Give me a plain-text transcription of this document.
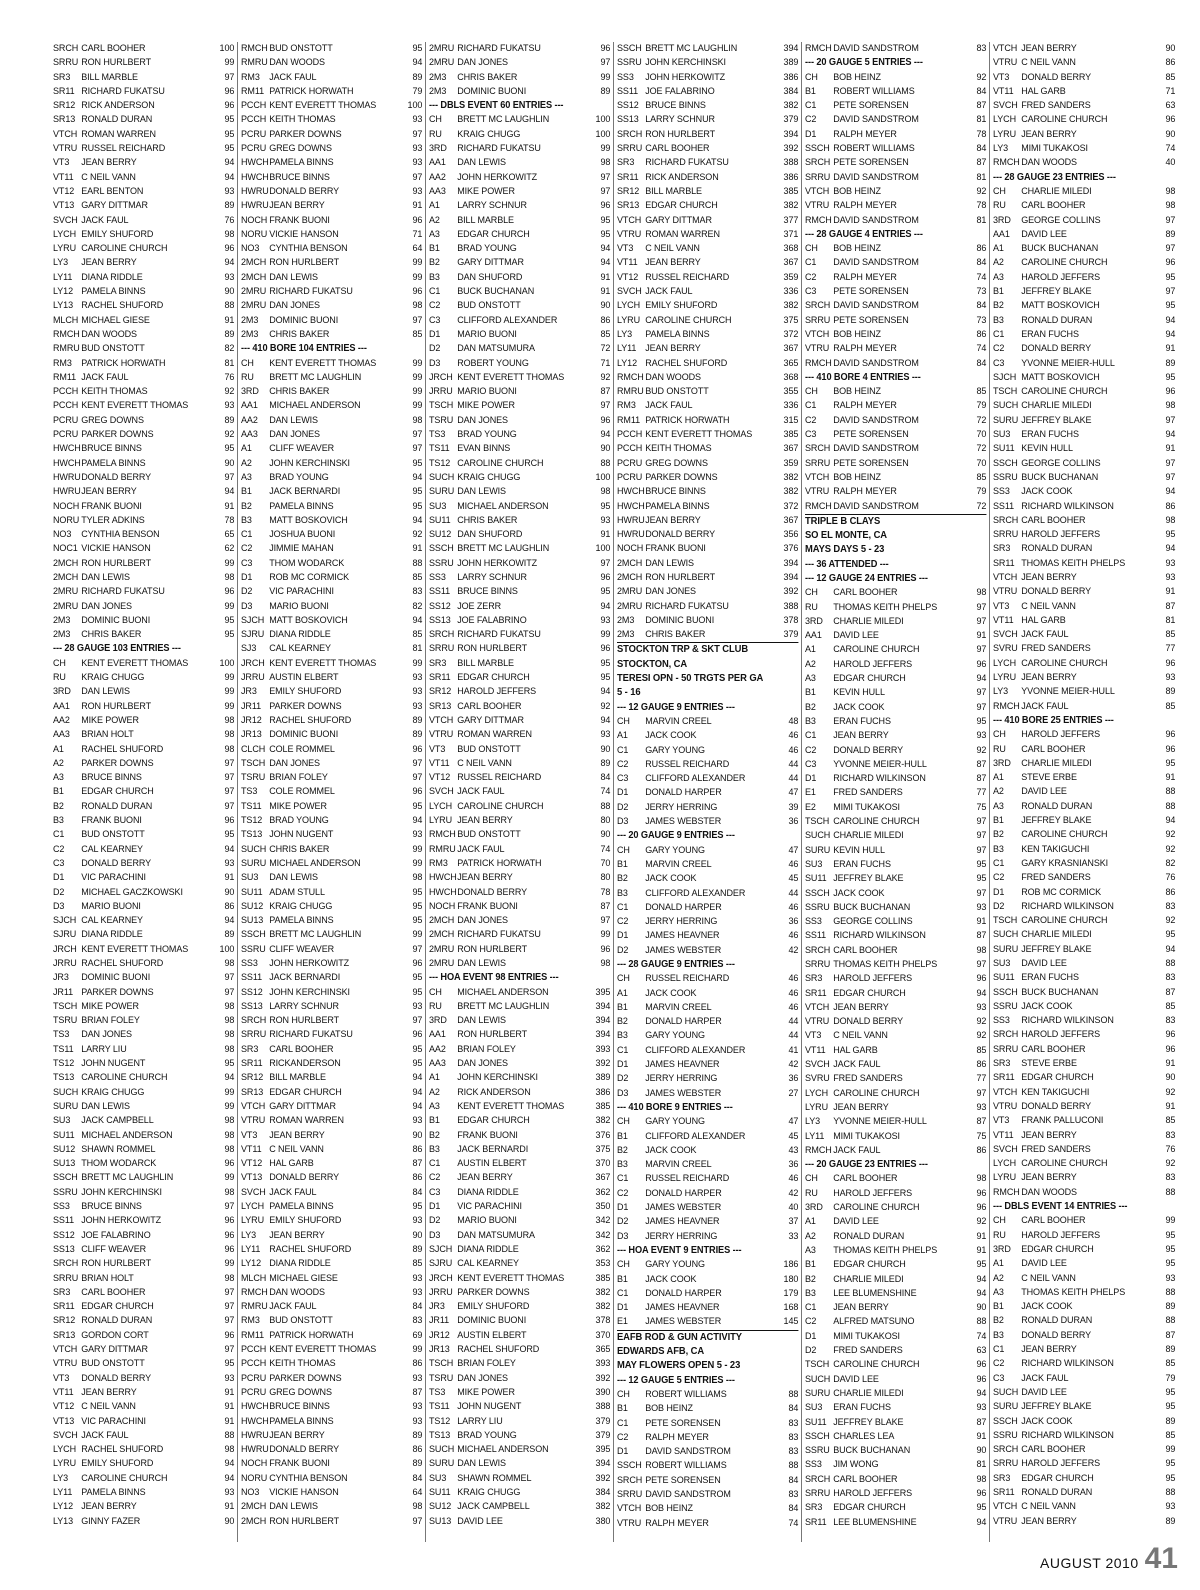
SRCH CARL BOOHER	100
SRRU RON HURLBERT	99
SR3	BILL MARBLE	97
SR11 RICHARD FUKATSU	96
SR12 RICK ANDERSON	96
SR13 RONALD DURAN	95
VTCH ROMAN WARREN	95
VTRU RUSSEL REICHARD	95
VT3	JEAN BERRY	94
VT11 C NEIL VANN	94
VT12 EARL BENTON	93
VT13 GARY DITTMAR	89
SVCH JACK FAUL	76
LYCH EMILY SHUFORD	98
LYRU CAROLINE CHURCH	96
LY3	JEAN BERRY	94
LY11 DIANA RIDDLE	93
LY12 PAMELA BINNS	90
LY13 RACHEL SHUFORD	88
MLCH MICHAEL GIESE	91
RMCH DAN WOODS	89
RMRU BUD ONSTOTT	82
RM3 PATRICK HORWATH	81
RM11 JACK FAUL	76
PCCH KEITH THOMAS	92
PCCH KENT EVERETT THOMAS	93
PCRU GREG DOWNS	89
PCRU PARKER DOWNS	92
HWCH BRUCE BINNS	95
HWCH PAMELA BINNS	90
HWRU DONALD BERRY	97
HWRU JEAN BERRY	94
NOCH FRANK BUONI	91
NORU TYLER ADKINS	78
NO3	CYNTHIA BENSON	65
NOC1 VICKIE HANSON	62
2MCH RON HURLBERT	99
2MCH DAN LEWIS	98
2MRU RICHARD FUKATSU	96
2MRU DAN JONES	99
2M3	DOMINIC BUONI	95
2M3	CHRIS BAKER	95
--- 28 GAUGE 103 ENTRIES ---
CH	KENT EVERETT THOMAS	100
RU	KRAIG CHUGG	99
3RD	DAN LEWIS	99
AA1	RON HURLBERT	99
AA2	MIKE POWER	98
AA3	BRIAN HOLT	98
A1	RACHEL SHUFORD	98
A2	PARKER DOWNS	97
A3	BRUCE BINNS	97
B1	EDGAR CHURCH	97
B2	RONALD DURAN	97
B3	FRANK BUONI	96
C1	BUD ONSTOTT	95
C2	CAL KEARNEY	94
C3	DONALD BERRY	93
D1	VIC PARACHINI	91
D2	MICHAEL GACZKOWSKI	90
D3	MARIO BUONI	86
SJCH CAL KEARNEY	94
SJRU DIANA RIDDLE	89
JRCH KENT EVERETT THOMAS	100
JRRU RACHEL SHUFORD	98
JR3	DOMINIC BUONI	97
JR11 PARKER DOWNS	97
TSCH MIKE POWER	98
TSRU BRIAN FOLEY	98
TS3	DAN JONES	98
TS11 LARRY LIU	98
TS12 JOHN NUGENT	95
TS13 CAROLINE CHURCH	94
SUCH KRAIG CHUGG	99
SURU DAN LEWIS	99
SU3	JACK CAMPBELL	98
SU11 MICHAEL ANDERSON	98
SU12 SHAWN ROMMEL	98
SU13 THOM WODARCK	96
SSCH BRETT MC LAUGHLIN	99
SSRU JOHN KERCHINSKI	98
SS3	BRUCE BINNS	97
SS11 JOHN HERKOWITZ	96
SS12 JOE FALABRINO	96
SS13 CLIFF WEAVER	96
SRCH RON HURLBERT	99
SRRU BRIAN HOLT	98
SR3	CARL BOOHER	97
SR11 EDGAR CHURCH	97
SR12 RONALD DURAN	97
SR13 GORDON CORT	96
VTCH GARY DITTMAR	97
VTRU BUD ONSTOTT	95
VT3	DONALD BERRY	93
VT11 JEAN BERRY	91
VT12 C NEIL VANN	91
VT13 VIC PARACHINI	91
SVCH JACK FAUL	88
LYCH RACHEL SHUFORD	98
LYRU EMILY SHUFORD	94
LY3	CAROLINE CHURCH	94
LY11 PAMELA BINNS	93
LY12 JEAN BERRY	91
LY13 GINNY FAZER	90
RMCH BUD ONSTOTT	95
RMRU DAN WOODS	94
RM3 JACK FAUL	89
RM11 PATRICK HORWATH	79
PCCH KENT EVERETT THOMAS	100
PCCH KEITH THOMAS	93
PCRU PARKER DOWNS	97
PCRU GREG DOWNS	93
HWCH PAMELA BINNS	93
HWCH BRUCE BINNS	97
HWRU DONALD BERRY	93
HWRU JEAN BERRY	91
NOCH FRANK BUONI	96
NORU VICKIE HANSON	71
NO3	CYNTHIA BENSON	64
2MCH RON HURLBERT	99
2MCH DAN LEWIS	99
2MRU RICHARD FUKATSU	96
2MRU DAN JONES	98
2M3	DOMINIC BUONI	97
2M3	CHRIS BAKER	85
--- 410 BORE 104 ENTRIES ---
CH	KENT EVERETT THOMAS	99
RU	BRETT MC LAUGHLIN	99
3RD	CHRIS BAKER	99
AA1	MICHAEL ANDERSON	99
AA2	DAN LEWIS	98
AA3	DAN JONES	97
A1	CLIFF WEAVER	97
A2	JOHN KERCHINSKI	95
A3	BRAD YOUNG	94
B1	JACK BERNARDI	95
B2	PAMELA BINNS	95
B3	MATT BOSKOVICH	94
C1	JOSHUA BUONI	92
C2	JIMMIE MAHAN	91
C3	THOM WODARCK	88
D1	ROB MC CORMICK	85
D2	VIC PARACHINI	83
D3	MARIO BUONI	82
SJCH MATT BOSKOVICH	94
SJRU DIANA RIDDLE	85
SJ3	CAL KEARNEY	81
JRCH KENT EVERETT THOMAS	99
JRRU AUSTIN ELBERT	93
JR3	EMILY SHUFORD	93
JR11 PARKER DOWNS	93
JR12 RACHEL SHUFORD	89
JR13 DOMINIC BUONI	89
CLCH COLE ROMMEL	96
TSCH DAN JONES	97
TSRU BRIAN FOLEY	97
TS3	COLE ROMMEL	96
TS11 MIKE POWER	95
TS12 BRAD YOUNG	94
TS13 JOHN NUGENT	93
SUCH CHRIS BAKER	99
SURU MICHAEL ANDERSON	99
SU3	DAN LEWIS	98
SU11 ADAM STULL	95
SU12 KRAIG CHUGG	95
SU13 PAMELA BINNS	95
SSCH BRETT MC LAUGHLIN	99
SSRU CLIFF WEAVER	97
SS3	JOHN HERKOWITZ	96
SS11 JACK BERNARDI	95
SS12 JOHN KERCHINSKI	95
SS13 LARRY SCHNUR	93
SRCH RON HURLBERT	97
SRRU RICHARD FUKATSU	96
SR3	CARL BOOHER	95
SR11 RICKANDERSON	95
SR12 BILL MARBLE	94
SR13 EDGAR CHURCH	94
VTCH GARY DITTMAR	94
VTRU ROMAN WARREN	93
VT3	JEAN BERRY	90
VT11 C NEIL VANN	86
VT12 HAL GARB	87
VT13 DONALD BERRY	86
SVCH JACK FAUL	84
LYCH PAMELA BINNS	95
LYRU EMILY SHUFORD	93
LY3	JEAN BERRY	90
LY11 RACHEL SHUFORD	89
LY12 DIANA RIDDLE	85
MLCH MICHAEL GIESE	93
RMCH DAN WOODS	93
RMRU JACK FAUL	84
RM3 BUD ONSTOTT	83
RM11 PATRICK HORWATH	69
PCCH KENT EVERETT THOMAS	99
PCCH KEITH THOMAS	86
PCRU PARKER DOWNS	93
PCRU GREG DOWNS	87
HWCH BRUCE BINNS	93
HWCH PAMELA BINNS	93
HWRU JEAN BERRY	89
HWRU DONALD BERRY	86
NOCH FRANK BUONI	89
NORU CYNTHIA BENSON	84
NO3	VICKIE HANSON	64
2MCH DAN LEWIS	98
2MCH RON HURLBERT	97
2MRU RICHARD FUKATSU	96
2MRU DAN JONES	97
2M3	CHRIS BAKER	99
2M3	DOMINIC BUONI	89
--- DBLS EVENT 60 ENTRIES ---
CH	BRETT MC LAUGHLIN	100
RU	KRAIG CHUGG	100
3RD	RICHARD FUKATSU	99
AA1	DAN LEWIS	98
AA2	JOHN HERKOWITZ	97
AA3	MIKE POWER	97
A1	LARRY SCHNUR	96
A2	BILL MARBLE	95
A3	EDGAR CHURCH	95
B1	BRAD YOUNG	94
B2	GARY DITTMAR	94
B3	DAN SHUFORD	91
C1	BUCK BUCHANAN	91
C2	BUD ONSTOTT	90
C3	CLIFFORD ALEXANDER	86
D1	MARIO BUONI	85
D2	DAN MATSUMURA	72
D3	ROBERT YOUNG	71
JRCH KENT EVERETT THOMAS	92
JRRU MARIO BUONI	87
TSCH MIKE POWER	97
TSRU DAN JONES	96
TS3	BRAD YOUNG	94
TS11 EVAN BINNS	90
TS12 CAROLINE CHURCH	88
SUCH KRAIG CHUGG	100
SURU DAN LEWIS	98
SU3	MICHAEL ANDERSON	95
SU11 CHRIS BAKER	93
SU12 DAN SHUFORD	91
SSCH BRETT MC LAUGHLIN	100
SSRU JOHN HERKOWITZ	97
SS3	LARRY SCHNUR	96
SS11 BRUCE BINNS	95
SS12 JOE ZERR	94
SS13 JOE FALABRINO	93
SRCH RICHARD FUKATSU	99
SRRU RON HURLBERT	96
SR3	BILL MARBLE	95
SR11 EDGAR CHURCH	95
SR12 HAROLD JEFFERS	94
SR13 CARL BOOHER	92
VTCH GARY DITTMAR	94
VTRU ROMAN WARREN	93
VT3	BUD ONSTOTT	90
VT11 C NEIL VANN	89
VT12 RUSSEL REICHARD	84
SVCH JACK FAUL	74
LYCH CAROLINE CHURCH	88
LYRU JEAN BERRY	80
RMCH BUD ONSTOTT	90
RMRU JACK FAUL	74
RM3 PATRICK HORWATH	70
HWCH JEAN BERRY	80
HWCH DONALD BERRY	78
NOCH FRANK BUONI	87
2MCH DAN JONES	97
2MCH RICHARD FUKATSU	99
2MRU RON HURLBERT	96
2MRU DAN LEWIS	98
--- HOA EVENT 98 ENTRIES ---
CH	MICHAEL ANDERSON	395
RU	BRETT MC LAUGHLIN	394
3RD	DAN LEWIS	394
AA1	RON HURLBERT	394
AA2	BRIAN FOLEY	393
AA3	DAN JONES	392
A1	JOHN KERCHINSKI	389
A2	RICK ANDERSON	386
A3	KENT EVERETT THOMAS	385
B1	EDGAR CHURCH	382
B2	FRANK BUONI	376
B3	JACK BERNARDI	375
C1	AUSTIN ELBERT	370
C2	JEAN BERRY	367
C3	DIANA RIDDLE	362
D1	VIC PARACHINI	350
D2	MARIO BUONI	342
D3	DAN MATSUMURA	342
SJCH DIANA RIDDLE	362
SJRU CAL KEARNEY	353
JRCH KENT EVERETT THOMAS	385
JRRU PARKER DOWNS	382
JR3	EMILY SHUFORD	382
JR11 DOMINIC BUONI	378
JR12 AUSTIN ELBERT	370
JR13 RACHEL SHUFORD	365
TSCH BRIAN FOLEY	393
TSRU DAN JONES	392
TS3	MIKE POWER	390
TS11 JOHN NUGENT	388
TS12 LARRY LIU	379
TS13 BRAD YOUNG	379
SUCH MICHAEL ANDERSON	395
SURU DAN LEWIS	394
SU3	SHAWN ROMMEL	392
SU11 KRAIG CHUGG	384
SU12 JACK CAMPBELL	382
SU13 DAVID LEE	380
SSCH BRETT MC LAUGHLIN	394
SSRU JOHN KERCHINSKI	389
SS3	JOHN HERKOWITZ	386
SS11 JOE FALABRINO	384
SS12 BRUCE BINNS	382
SS13 LARRY SCHNUR	379
SRCH RON HURLBERT	394
SRRU CARL BOOHER	392
SR3	RICHARD FUKATSU	388
SR11 RICK ANDERSON	386
SR12 BILL MARBLE	385
SR13 EDGAR CHURCH	382
VTCH GARY DITTMAR	377
VTRU ROMAN WARREN	371
VT3	C NEIL VANN	368
VT11 JEAN BERRY	367
VT12 RUSSEL REICHARD	359
SVCH JACK FAUL	336
LYCH EMILY SHUFORD	382
LYRU CAROLINE CHURCH	375
LY3	PAMELA BINNS	372
LY11 JEAN BERRY	367
LY12 RACHEL SHUFORD	365
RMCH DAN WOODS	368
RMRU BUD ONSTOTT	355
RM3 JACK FAUL	336
RM11 PATRICK HORWATH	315
PCCH KENT EVERETT THOMAS	385
PCCH KEITH THOMAS	367
PCRU GREG DOWNS	359
PCRU PARKER DOWNS	382
HWCH BRUCE BINNS	382
HWCH PAMELA BINNS	372
HWRU JEAN BERRY	367
HWRU DONALD BERRY	356
NOCH FRANK BUONI	376
2MCH DAN LEWIS	394
2MCH RON HURLBERT	394
2MRU DAN JONES	392
2MRU RICHARD FUKATSU	388
2M3	DOMINIC BUONI	378
2M3	CHRIS BAKER	379
STOCKTON TRP & SKT CLUB
STOCKTON, CA
TERESI OPN - 50 TRGTS PER GA
5 - 16
--- 12 GAUGE 9 ENTRIES ---
CH	MARVIN CREEL	48
A1	JACK COOK	46
C1	GARY YOUNG	46
C2	RUSSEL REICHARD	44
C3	CLIFFORD ALEXANDER	44
D1	DONALD HARPER	47
D2	JERRY HERRING	39
D3	JAMES WEBSTER	36
--- 20 GAUGE 9 ENTRIES ---
CH	GARY YOUNG	47
B1	MARVIN CREEL	46
B2	JACK COOK	45
B3	CLIFFORD ALEXANDER	44
C1	DONALD HARPER	46
C2	JERRY HERRING	36
D1	JAMES HEAVNER	46
D2	JAMES WEBSTER	42
--- 28 GAUGE 9 ENTRIES ---
CH	RUSSEL REICHARD	46
A1	JACK COOK	46
B1	MARVIN CREEL	46
B2	DONALD HARPER	44
B3	GARY YOUNG	44
C1	CLIFFORD ALEXANDER	41
D1	JAMES HEAVNER	42
D2	JERRY HERRING	36
D3	JAMES WEBSTER	27
--- 410 BORE 9 ENTRIES ---
CH	GARY YOUNG	47
B1	CLIFFORD ALEXANDER	45
B2	JACK COOK	43
B3	MARVIN CREEL	36
C1	RUSSEL REICHARD	46
C2	DONALD HARPER	42
D1	JAMES WEBSTER	40
D2	JAMES HEAVNER	37
D3	JERRY HERRING	33
--- HOA EVENT 9 ENTRIES ---
CH	GARY YOUNG	186
B1	JACK COOK	180
C1	DONALD HARPER	179
D1	JAMES HEAVNER	168
E1	JAMES WEBSTER	145
EAFB ROD & GUN ACTIVITY
EDWARDS AFB, CA
MAY FLOWERS OPEN 5 - 23
--- 12 GAUGE 5 ENTRIES ---
CH	ROBERT WILLIAMS	88
B1	BOB HEINZ	84
C1	PETE SORENSEN	83
C2	RALPH MEYER	83
D1	DAVID SANDSTROM	83
SSCH ROBERT WILLIAMS	88
SRCH PETE SORENSEN	84
SRRU DAVID SANDSTROM	83
VTCH BOB HEINZ	84
VTRU RALPH MEYER	74
RMCH DAVID SANDSTROM	83
--- 20 GAUGE 5 ENTRIES ---
CH	BOB HEINZ	92
B1	ROBERT WILLIAMS	84
C1	PETE SORENSEN	87
C2	DAVID SANDSTROM	81
D1	RALPH MEYER	78
SSCH ROBERT WILLIAMS	84
SRCH PETE SORENSEN	87
SRRU DAVID SANDSTROM	81
VTCH BOB HEINZ	92
VTRU RALPH MEYER	78
RMCH DAVID SANDSTROM	81
--- 28 GAUGE 4 ENTRIES ---
CH	BOB HEINZ	86
C1	DAVID SANDSTROM	84
C2	RALPH MEYER	74
C3	PETE SORENSEN	73
SRCH DAVID SANDSTROM	84
SRRU PETE SORENSEN	73
VTCH BOB HEINZ	86
VTRU RALPH MEYER	74
RMCH DAVID SANDSTROM	84
--- 410 BORE 4 ENTRIES ---
CH	BOB HEINZ	85
C1	RALPH MEYER	79
C2	DAVID SANDSTROM	72
C3	PETE SORENSEN	70
SRCH DAVID SANDSTROM	72
SRRU PETE SORENSEN	70
VTCH BOB HEINZ	85
VTRU RALPH MEYER	79
RMCH DAVID SANDSTROM	72
TRIPLE B CLAYS
SO EL MONTE, CA
MAYS DAYS 5 - 23
--- 36 ATTENDED ---
--- 12 GAUGE 24 ENTRIES ---
CH	CARL BOOHER	98
RU	THOMAS KEITH PHELPS	97
3RD	CHARLIE MILEDI	97
AA1	DAVID LEE	91
A1	CAROLINE CHURCH	97
A2	HAROLD JEFFERS	96
A3	EDGAR CHURCH	94
B1	KEVIN HULL	97
B2	JACK COOK	97
B3	ERAN FUCHS	95
C1	JEAN BERRY	93
C2	DONALD BERRY	92
C3	YVONNE MEIER-HULL	87
D1	RICHARD WILKINSON	87
E1	FRED SANDERS	77
E2	MIMI TUKAKOSI	75
TSCH CAROLINE CHURCH	97
SUCH CHARLIE MILEDI	97
SURU KEVIN HULL	97
SU3	ERAN FUCHS	95
SU11 JEFFREY BLAKE	95
SSCH JACK COOK	97
SSRU BUCK BUCHANAN	93
SS3	GEORGE COLLINS	91
SS11 RICHARD WILKINSON	87
SRCH CARL BOOHER	98
SRRU THOMAS KEITH PHELPS	97
SR3	HAROLD JEFFERS	96
SR11 EDGAR CHURCH	94
VTCH JEAN BERRY	93
VTRU DONALD BERRY	92
VT3	C NEIL VANN	92
VT11 HAL GARB	85
SVCH JACK FAUL	86
SVRU FRED SANDERS	77
LYCH CAROLINE CHURCH	97
LYRU JEAN BERRY	93
LY3	YVONNE MEIER-HULL	87
LY11 MIMI TUKAKOSI	75
RMCH JACK FAUL	86
--- 20 GAUGE 23 ENTRIES ---
CH	CARL BOOHER	98
RU	HAROLD JEFFERS	96
3RD	CAROLINE CHURCH	96
A1	DAVID LEE	92
A2	RONALD DURAN	91
A3	THOMAS KEITH PHELPS	91
B1	EDGAR CHURCH	95
B2	CHARLIE MILEDI	94
B3	LEE BLUMENSHINE	94
C1	JEAN BERRY	90
C2	ALFRED MATSUNO	88
D1	MIMI TUKAKOSI	74
D2	FRED SANDERS	63
TSCH CAROLINE CHURCH	96
SUCH DAVID LEE	96
SURU CHARLIE MILEDI	94
SU3	ERAN FUCHS	93
SU11 JEFFREY BLAKE	87
SSCH CHARLES LEA	91
SSRU BUCK BUCHANAN	90
SS3	JIM WONG	81
SRCH CARL BOOHER	98
SRRU HAROLD JEFFERS	96
SR3	EDGAR CHURCH	95
SR11 LEE BLUMENSHINE	94
VTCH JEAN BERRY	90
VTRU C NEIL VANN	86
VT3	DONALD BERRY	85
VT11 HAL GARB	71
SVCH FRED SANDERS	63
LYCH CAROLINE CHURCH	96
LYRU JEAN BERRY	90
LY3	MIMI TUKAKOSI	74
RMCH DAN WOODS	40
--- 28 GAUGE 23 ENTRIES ---
CH	CHARLIE MILEDI	98
RU	CARL BOOHER	98
3RD	GEORGE COLLINS	97
AA1	DAVID LEE	89
A1	BUCK BUCHANAN	97
A2	CAROLINE CHURCH	96
A3	HAROLD JEFFERS	95
B1	JEFFREY BLAKE	97
B2	MATT BOSKOVICH	95
B3	RONALD DURAN	94
C1	ERAN FUCHS	94
C2	DONALD BERRY	91
C3	YVONNE MEIER-HULL	89
SJCH MATT BOSKOVICH	95
TSCH CAROLINE CHURCH	96
SUCH CHARLIE MILEDI	98
SURU JEFFREY BLAKE	97
SU3	ERAN FUCHS	94
SU11 KEVIN HULL	91
SSCH GEORGE COLLINS	97
SSRU BUCK BUCHANAN	97
SS3	JACK COOK	94
SS11 RICHARD WILKINSON	86
SRCH CARL BOOHER	98
SRRU HAROLD JEFFERS	95
SR3	RONALD DURAN	94
SR11 THOMAS KEITH PHELPS	93
VTCH JEAN BERRY	93
VTRU DONALD BERRY	91
VT3	C NEIL VANN	87
VT11 HAL GARB	81
SVCH JACK FAUL	85
SVRU FRED SANDERS	77
LYCH CAROLINE CHURCH	96
LYRU JEAN BERRY	93
LY3	YVONNE MEIER-HULL	89
RMCH JACK FAUL	85
--- 410 BORE 25 ENTRIES ---
CH	HAROLD JEFFERS	96
RU	CARL BOOHER	96
3RD	CHARLIE MILEDI	95
A1	STEVE ERBE	91
A2	DAVID LEE	88
A3	RONALD DURAN	88
B1	JEFFREY BLAKE	94
B2	CAROLINE CHURCH	92
B3	KEN TAKIGUCHI	92
C1	GARY KRASNIANSKI	82
C2	FRED SANDERS	76
D1	ROB MC CORMICK	86
D2	RICHARD WILKINSON	83
TSCH CAROLINE CHURCH	92
SUCH CHARLIE MILEDI	95
SURU JEFFREY BLAKE	94
SU3	DAVID LEE	88
SU11 ERAN FUCHS	83
SSCH BUCK BUCHANAN	87
SSRU JACK COOK	85
SS3	RICHARD WILKINSON	83
SRCH HAROLD JEFFERS	96
SRRU CARL BOOHER	96
SR3	STEVE ERBE	91
SR11 EDGAR CHURCH	90
VTCH KEN TAKIGUCHI	92
VTRU DONALD BERRY	91
VT3	FRANK PALLUCONI	85
VT11 JEAN BERRY	83
SVCH FRED SANDERS	76
LYCH CAROLINE CHURCH	92
LYRU JEAN BERRY	83
RMCH DAN WOODS	88
--- DBLS EVENT 14 ENTRIES ---
CH	CARL BOOHER	99
RU	HAROLD JEFFERS	95
3RD	EDGAR CHURCH	95
A1	DAVID LEE	95
A2	C NEIL VANN	93
A3	THOMAS KEITH PHELPS	88
B1	JACK COOK	89
B2	RONALD DURAN	88
B3	DONALD BERRY	87
C1	JEAN BERRY	89
C2	RICHARD WILKINSON	85
C3	JACK FAUL	79
SUCH DAVID LEE	95
SURU JEFFREY BLAKE	95
SSCH JACK COOK	89
SSRU RICHARD WILKINSON	85
SRCH CARL BOOHER	99
SRRU HAROLD JEFFERS	95
SR3	EDGAR CHURCH	95
SR11 RONALD DURAN	88
VTCH C NEIL VANN	93
VTRU JEAN BERRY	89
AUGUST 2010 41
